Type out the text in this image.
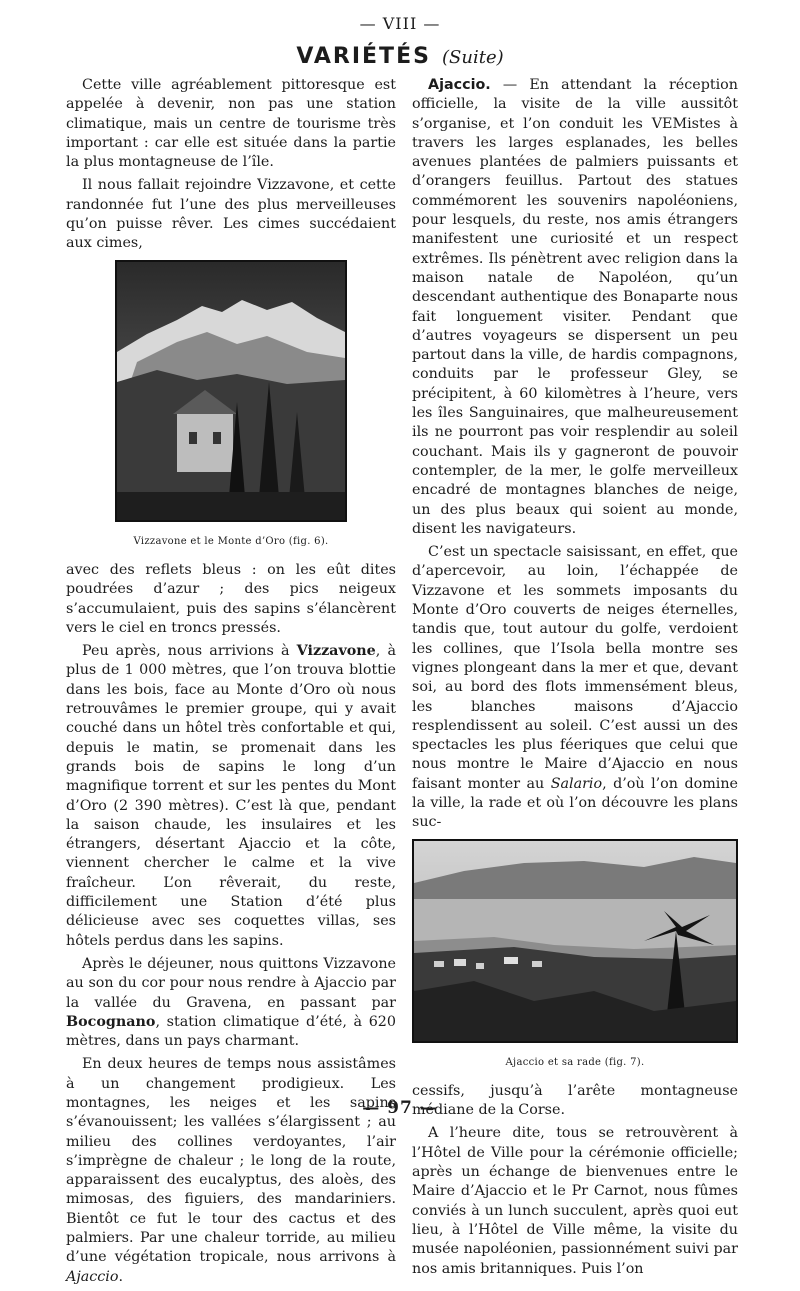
— VIII —
VARIÉTÉS (Suite)

Cette ville agréablement pittoresque est appelée à devenir, non pas une station climatique, mais un centre de tourisme très important : car elle est située dans la partie la plus montagneuse de l’île.

Il nous fallait rejoindre Vizzavone, et cette randonnée fut l’une des plus merveilleuses qu’on puisse rêver. Les cimes succédaient aux cimes,

Vizzavone et le Monte d’Oro (fig. 6).

avec des reflets bleus : on les eût dites poudrées d’azur ; des pics neigeux s’accumulaient, puis des sapins s’élancèrent vers le ciel en troncs pressés.

Peu après, nous arrivions à Vizzavone, à plus de 1 000 mètres, que l’on trouva blottie dans les bois, face au Monte d’Oro où nous retrouvâmes le premier groupe, qui y avait couché dans un hôtel très confortable et qui, depuis le matin, se promenait dans les grands bois de sapins le long d’un magnifique torrent et sur les pentes du Mont d’Oro (2 390 mètres). C’est là que, pendant la saison chaude, les insulaires et les étrangers, désertant Ajaccio et la côte, viennent chercher le calme et la vive fraîcheur. L’on rêverait, du reste, difficilement une Station d’été plus délicieuse avec ses coquettes villas, ses hôtels perdus dans les sapins.

Après le déjeuner, nous quittons Vizzavone au son du cor pour nous rendre à Ajaccio par la vallée du Gravena, en passant par Bocognano, station climatique d’été, à 620 mètres, dans un pays charmant.

En deux heures de temps nous assistâmes à un changement prodigieux. Les montagnes, les neiges et les sapins s’évanouissent; les vallées s’élargissent ; au milieu des collines verdoyantes, l’air s’imprègne de chaleur ; le long de la route, apparaissent des eucalyptus, des aloès, des mimosas, des figuiers, des mandariniers. Bientôt ce fut le tour des cactus et des palmiers. Par une chaleur torride, au milieu d’une végétation tropicale, nous arrivons à Ajaccio.

Ajaccio. — En attendant la réception officielle, la visite de la ville aussitôt s’organise, et l’on conduit les VEMistes à travers les larges esplanades, les belles avenues plantées de palmiers puissants et d’orangers feuillus. Partout des statues commémorent les souvenirs napoléoniens, pour lesquels, du reste, nos amis étrangers manifestent une curiosité et un respect extrêmes. Ils pénètrent avec religion dans la maison natale de Napoléon, qu’un descendant authentique des Bonaparte nous fait longuement visiter. Pendant que d’autres voyageurs se dispersent un peu partout dans la ville, de hardis compagnons, conduits par le professeur Gley, se précipitent, à 60 kilomètres à l’heure, vers les îles Sanguinaires, que malheureusement ils ne pourront pas voir resplendir au soleil couchant. Mais ils y gagneront de pouvoir contempler, de la mer, le golfe merveilleux encadré de montagnes blanches de neige, un des plus beaux qui soient au monde, disent les navigateurs.

C’est un spectacle saisissant, en effet, que d’apercevoir, au loin, l’échappée de Vizzavone et les sommets imposants du Monte d’Oro couverts de neiges éternelles, tandis que, tout autour du golfe, verdoient les collines, que l’Isola bella montre ses vignes plongeant dans la mer et que, devant soi, au bord des flots immensément bleus, les blanches maisons d’Ajaccio resplendissent au soleil. C’est aussi un des spectacles les plus féeriques que celui que nous montre le Maire d’Ajaccio en nous faisant monter au Salario, d’où l’on domine la ville, la rade et où l’on découvre les plans suc-

Ajaccio et sa rade (fig. 7).

cessifs, jusqu’à l’arête montagneuse médiane de la Corse.

A l’heure dite, tous se retrouvèrent à l’Hôtel de Ville pour la cérémonie officielle; après un échange de bienvenues entre le Maire d’Ajaccio et le Pr Carnot, nous fûmes conviés à un lunch succulent, après quoi eut lieu, à l’Hôtel de Ville même, la visite du musée napoléonien, passionnément suivi par nos amis britanniques. Puis l’on

— 97 —
